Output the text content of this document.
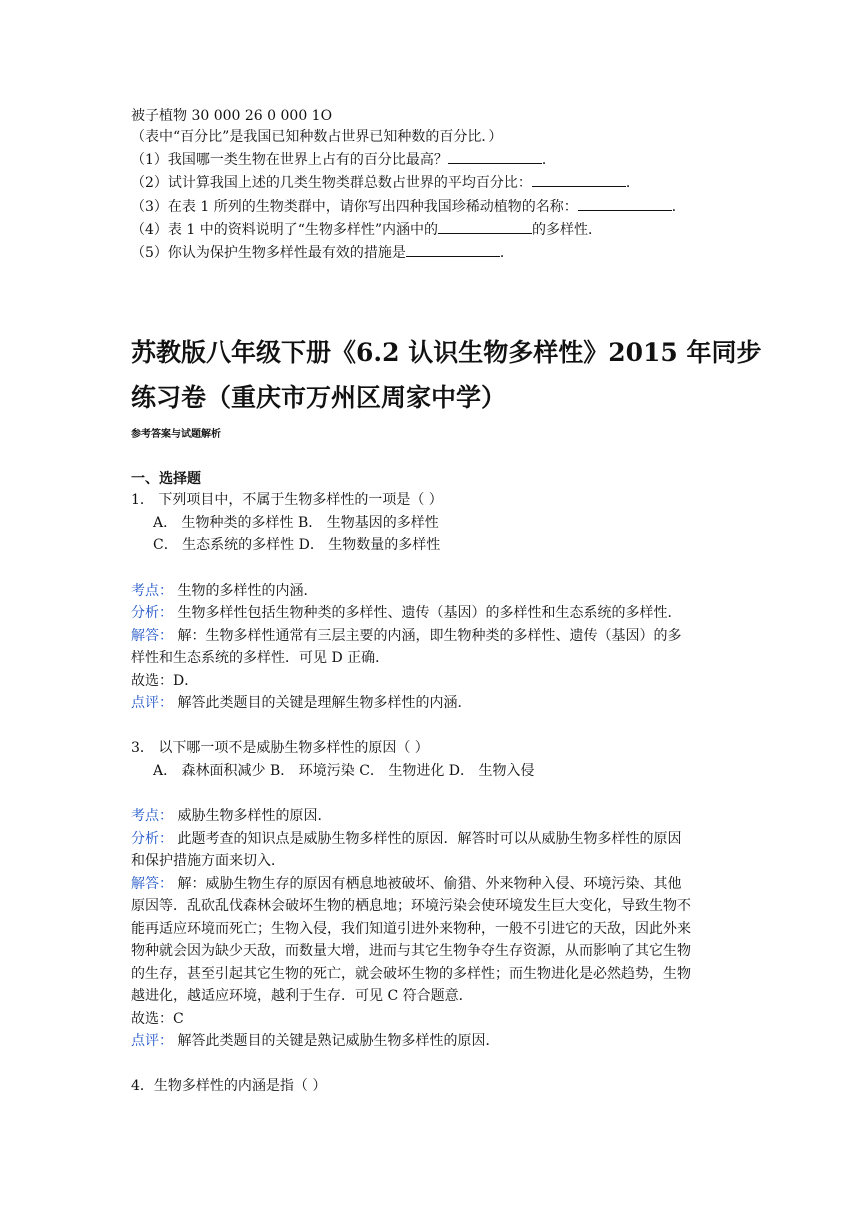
被子植物 30 000 26 0 000 1O
（表中“百分比”是我国已知种数占世界已知种数的百分比．）
（1）我国哪一类生物在世界上占有的百分比最高？	．
（2）试计算我国上述的几类生物类群总数占世界的平均百分比：	．
（3）在表 1 所列的生物类群中，请你写出四种我国珍稀动植物的名称：	．
（4）表 1 中的资料说明了“生物多样性”内涵中的	的多样性．
（5）你认为保护生物多样性最有效的措施是	．
苏教版八年级下册《6.2 认识生物多样性》2015 年同步
练习卷（重庆市万州区周家中学）
参考答案与试题解析
一、选择题
1． 下列项目中，不属于生物多样性的一项是（ ）
A． 生物种类的多样性 B． 生物基因的多样性
C． 生态系统的多样性 D． 生物数量的多样性
考点： 生物的多样性的内涵．
分析： 生物多样性包括生物种类的多样性、遗传（基因）的多样性和生态系统的多样性．
解答： 解：生物多样性通常有三层主要的内涵，即生物种类的多样性、遗传（基因）的多
样性和生态系统的多样性．可见 D 正确．
故选：D．
点评： 解答此类题目的关键是理解生物多样性的内涵．
3． 以下哪一项不是威胁生物多样性的原因（ ）
A． 森林面积减少 B． 环境污染 C． 生物进化 D． 生物入侵
考点： 威胁生物多样性的原因．
分析： 此题考查的知识点是威胁生物多样性的原因．解答时可以从威胁生物多样性的原因
和保护措施方面来切入．
解答： 解：威胁生物生存的原因有栖息地被破坏、偷猎、外来物种入侵、环境污染、其他
原因等．乱砍乱伐森林会破坏生物的栖息地；环境污染会使环境发生巨大变化，导致生物不
能再适应环境而死亡；生物入侵，我们知道引进外来物种，一般不引进它的天敌，因此外来
物种就会因为缺少天敌，而数量大增，进而与其它生物争夺生存资源，从而影响了其它生物
的生存，甚至引起其它生物的死亡，就会破坏生物的多样性；而生物进化是必然趋势，生物
越进化，越适应环境，越利于生存．可见 C 符合题意．
故选：C
点评： 解答此类题目的关键是熟记威胁生物多样性的原因．
4．生物多样性的内涵是指（ ）
